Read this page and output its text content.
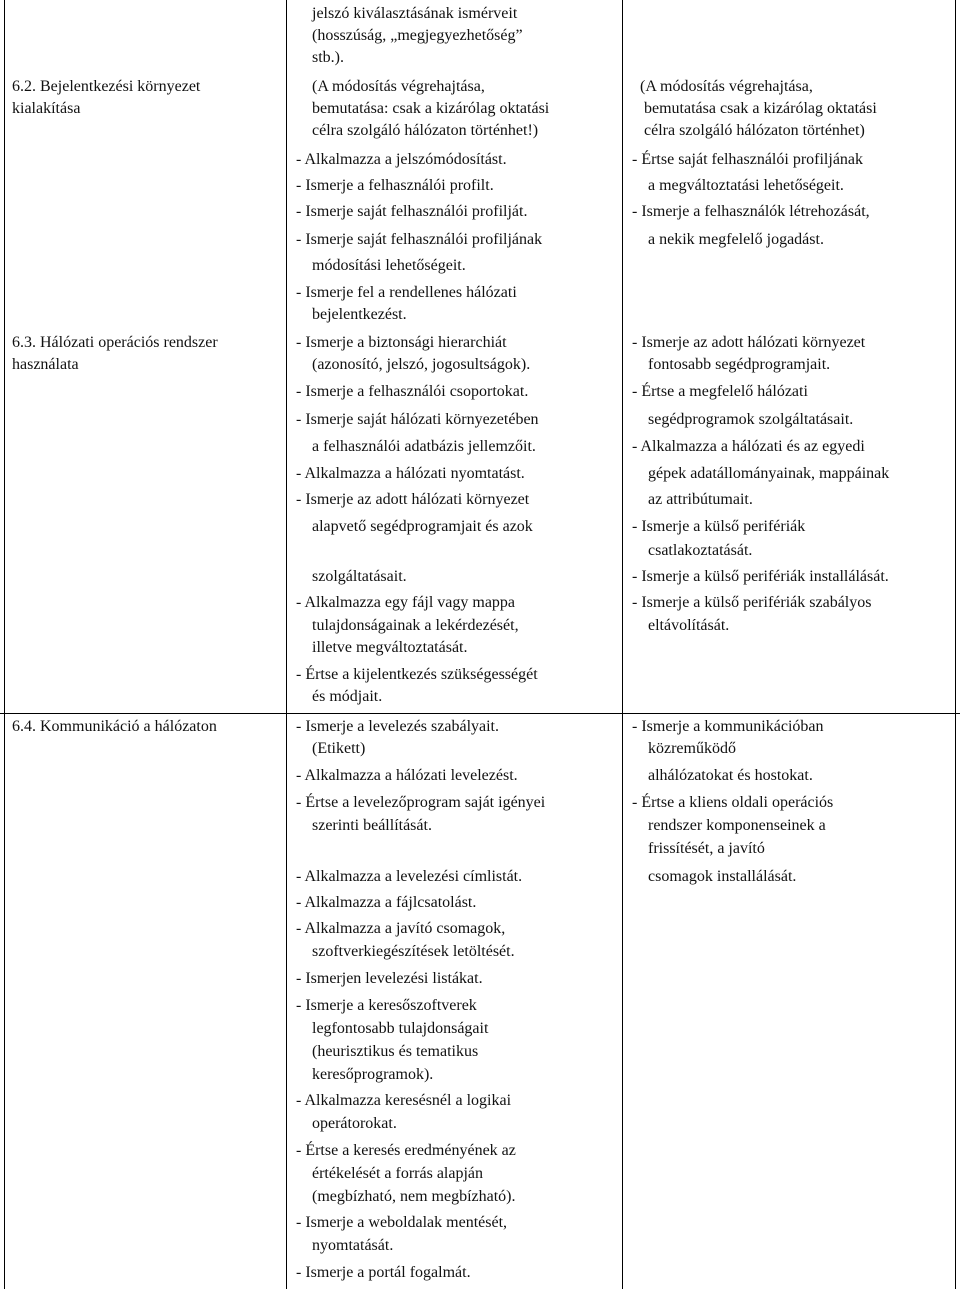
6.2. Bejelentkezési környezet
kialakítása
jelszó kiválasztásának ismérveit
(hosszúság, „megjegyezhetőség”
stb.).
(A módosítás végrehajtása,
bemutatása: csak a kizárólag oktatási
célra szolgáló hálózaton történhet!)
- Alkalmazza a jelszómódosítást.
- Ismerje a felhasználói profilt.
- Ismerje saját felhasználói profilját.
- Ismerje saját felhasználói profiljának
módosítási lehetőségeit.
- Ismerje fel a rendellenes hálózati
bejelentkezést.
(A módosítás végrehajtása,
bemutatása csak a kizárólag oktatási
célra szolgáló hálózaton történhet)
- Értse saját felhasználói profiljának
a megváltoztatási lehetőségeit.
- Ismerje a felhasználók létrehozását,
a nekik megfelelő jogadást.
6.3. Hálózati operációs rendszer
használata
- Ismerje a biztonsági hierarchiát
(azonosító, jelszó, jogosultságok).
- Ismerje a felhasználói csoportokat.
- Ismerje saját hálózati környezetében
a felhasználói adatbázis jellemzőit.
- Alkalmazza a hálózati nyomtatást.
- Ismerje az adott hálózati környezet
alapvető segédprogramjait és azok
szolgáltatásait.
- Alkalmazza egy fájl vagy mappa
tulajdonságainak a lekérdezését,
illetve megváltoztatását.
- Értse a kijelentkezés szükségességét
és módjait.
- Ismerje az adott hálózati környezet
fontosabb segédprogramjait.
- Értse a megfelelő hálózati
segédprogramok szolgáltatásait.
- Alkalmazza a hálózati és az egyedi
gépek adatállományainak, mappáinak
az attribútumait.
- Ismerje a külső perifériák
csatlakoztatását.
- Ismerje a külső perifériák installálását.
- Ismerje a külső perifériák szabályos
eltávolítását.
6.4. Kommunikáció a hálózaton	- Ismerje a levelezés szabályait.
(Etikett)
- Alkalmazza a hálózati levelezést.
- Értse a levelezőprogram saját igényei
szerinti beállítását.
- Alkalmazza a levelezési címlistát.
- Alkalmazza a fájlcsatolást.
- Alkalmazza a javító csomagok,
szoftverkiegészítések letöltését.
- Ismerjen levelezési listákat.
- Ismerje a keresőszoftverek
legfontosabb tulajdonságait
(heurisztikus és tematikus
keresőprogramok).
- Alkalmazza keresésnél a logikai
operátorokat.
- Értse a keresés eredményének az
értékelését a forrás alapján
(megbízható, nem megbízható).
- Ismerje a weboldalak mentését,
nyomtatását.
- Ismerje a portál fogalmát.
- Ismerje a kommunikációban
közreműködő
alhálózatokat és hostokat.
- Értse a kliens oldali operációs
rendszer komponenseinek a
frissítését, a javító
csomagok installálását.
